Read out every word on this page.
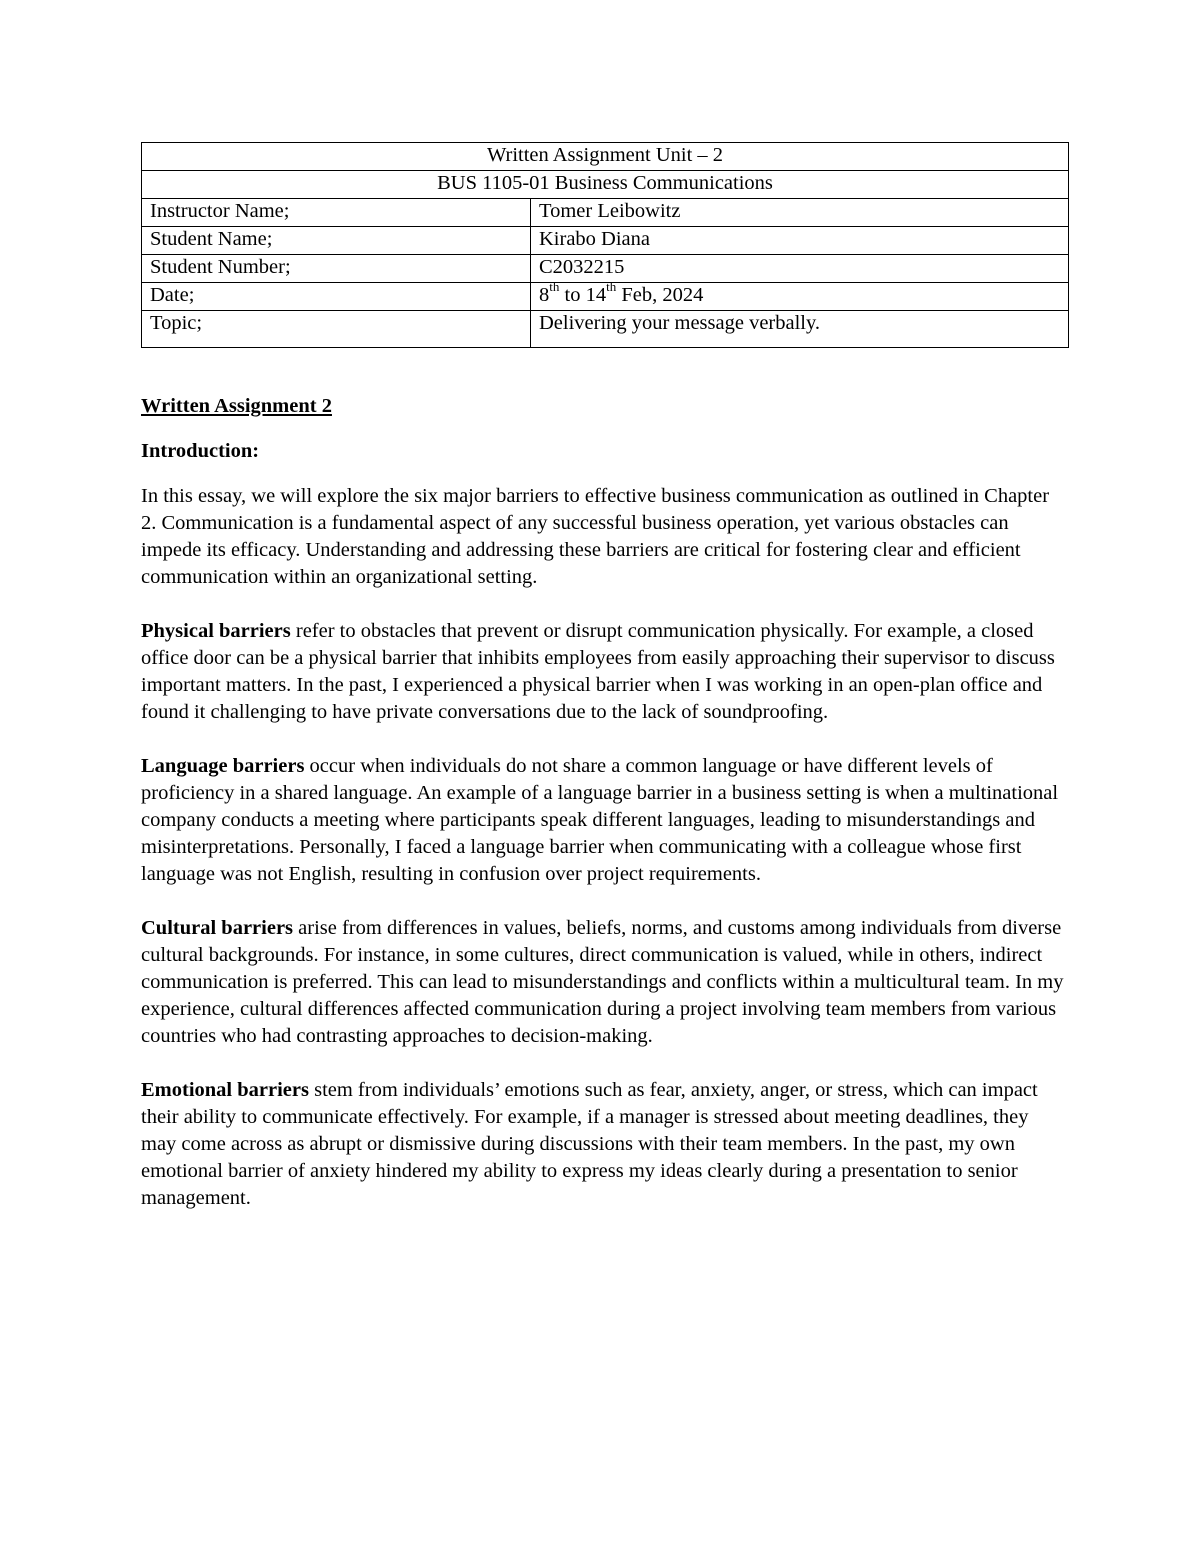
Written Assignment Unit – 2	
BUS 1105-01 Business Communications	
Instructor Name;	Tomer Leibowitz
Student Name;	Kirabo Diana
Student Number;	C2032215
Date;	8th to 14th Feb, 2024
Topic;	Delivering your message verbally.
Written Assignment 2
Introduction:
In this essay, we will explore the six major barriers to effective business communication as outlined in Chapter 2. Communication is a fundamental aspect of any successful business operation, yet various obstacles can impede its efficacy. Understanding and addressing these barriers are critical for fostering clear and efficient communication within an organizational setting.
Physical barriers refer to obstacles that prevent or disrupt communication physically. For example, a closed office door can be a physical barrier that inhibits employees from easily approaching their supervisor to discuss important matters. In the past, I experienced a physical barrier when I was working in an open-plan office and found it challenging to have private conversations due to the lack of soundproofing.
Language barriers occur when individuals do not share a common language or have different levels of proficiency in a shared language. An example of a language barrier in a business setting is when a multinational company conducts a meeting where participants speak different languages, leading to misunderstandings and misinterpretations. Personally, I faced a language barrier when communicating with a colleague whose first language was not English, resulting in confusion over project requirements.
Cultural barriers arise from differences in values, beliefs, norms, and customs among individuals from diverse cultural backgrounds. For instance, in some cultures, direct communication is valued, while in others, indirect communication is preferred. This can lead to misunderstandings and conflicts within a multicultural team. In my experience, cultural differences affected communication during a project involving team members from various countries who had contrasting approaches to decision-making.
Emotional barriers stem from individuals’ emotions such as fear, anxiety, anger, or stress, which can impact their ability to communicate effectively. For example, if a manager is stressed about meeting deadlines, they may come across as abrupt or dismissive during discussions with their team members. In the past, my own emotional barrier of anxiety hindered my ability to express my ideas clearly during a presentation to senior management.
